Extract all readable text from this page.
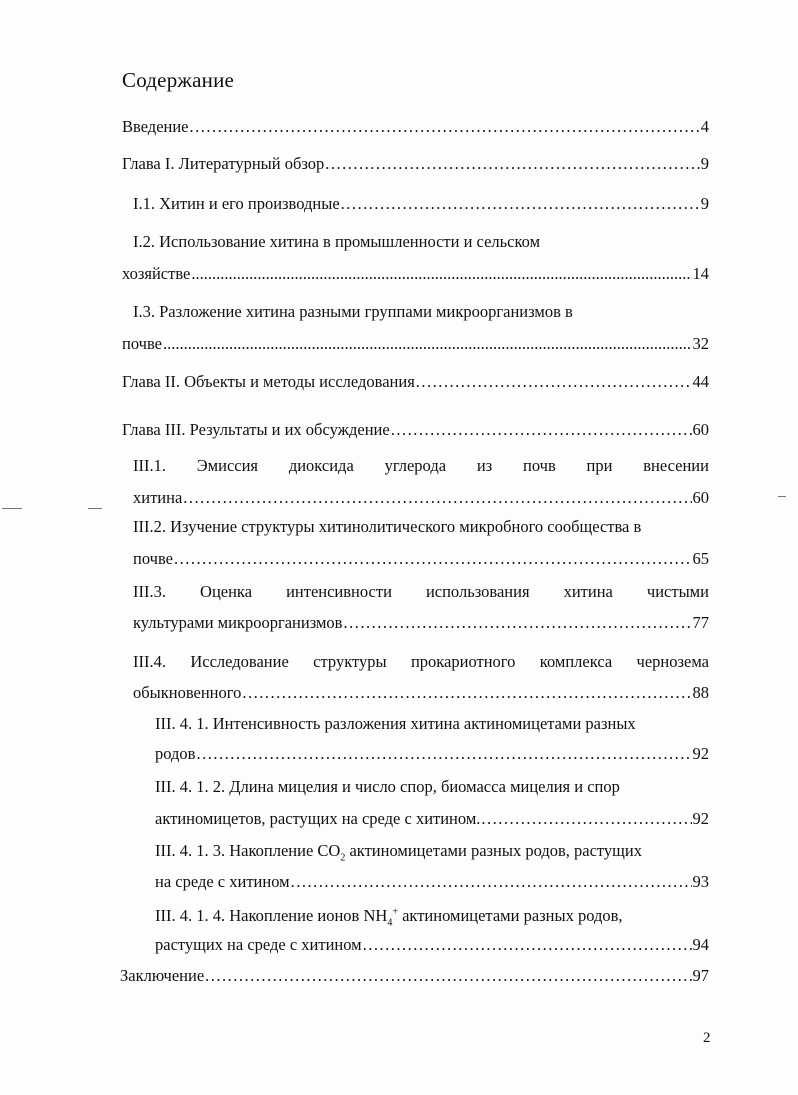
Содержание
Введение .....	4
Глава I. Литературный обзор .....	9
I.1. Хитин и его производные .....	9
I.2. Использование хитина в промышленности и сельском
хозяйстве .....	14
I.3. Разложение хитина разными группами микроорганизмов в
почве .....	32
Глава II. Объекты и методы исследования .....	44
Глава III. Результаты и их обсуждение .....	60
III.1. Эмиссия диоксида углерода из почв при внесении
хитина .....	60
III.2. Изучение структуры хитинолитического микробного сообщества в
почве .....	65
III.3. Оценка интенсивности использования хитина чистыми
культурами микроорганизмов .....	77
III.4. Исследование структуры прокариотного комплекса чернозема
обыкновенного .....	88
III. 4. 1. Интенсивность разложения хитина актиномицетами разных
родов .....	92
III. 4. 1. 2. Длина мицелия и число спор, биомасса мицелия и спор
актиномицетов, растущих на среде с хитином. .....	92
III. 4. 1. 3. Накопление $CO_2$ актиномицетами разных родов, растущих
на среде с хитином .....	93
III. 4. 1. 4. Накопление ионов $NH_4^+$ актиномицетами разных родов,
растущих на среде с хитином .....	94
Заключение .....	97
2
